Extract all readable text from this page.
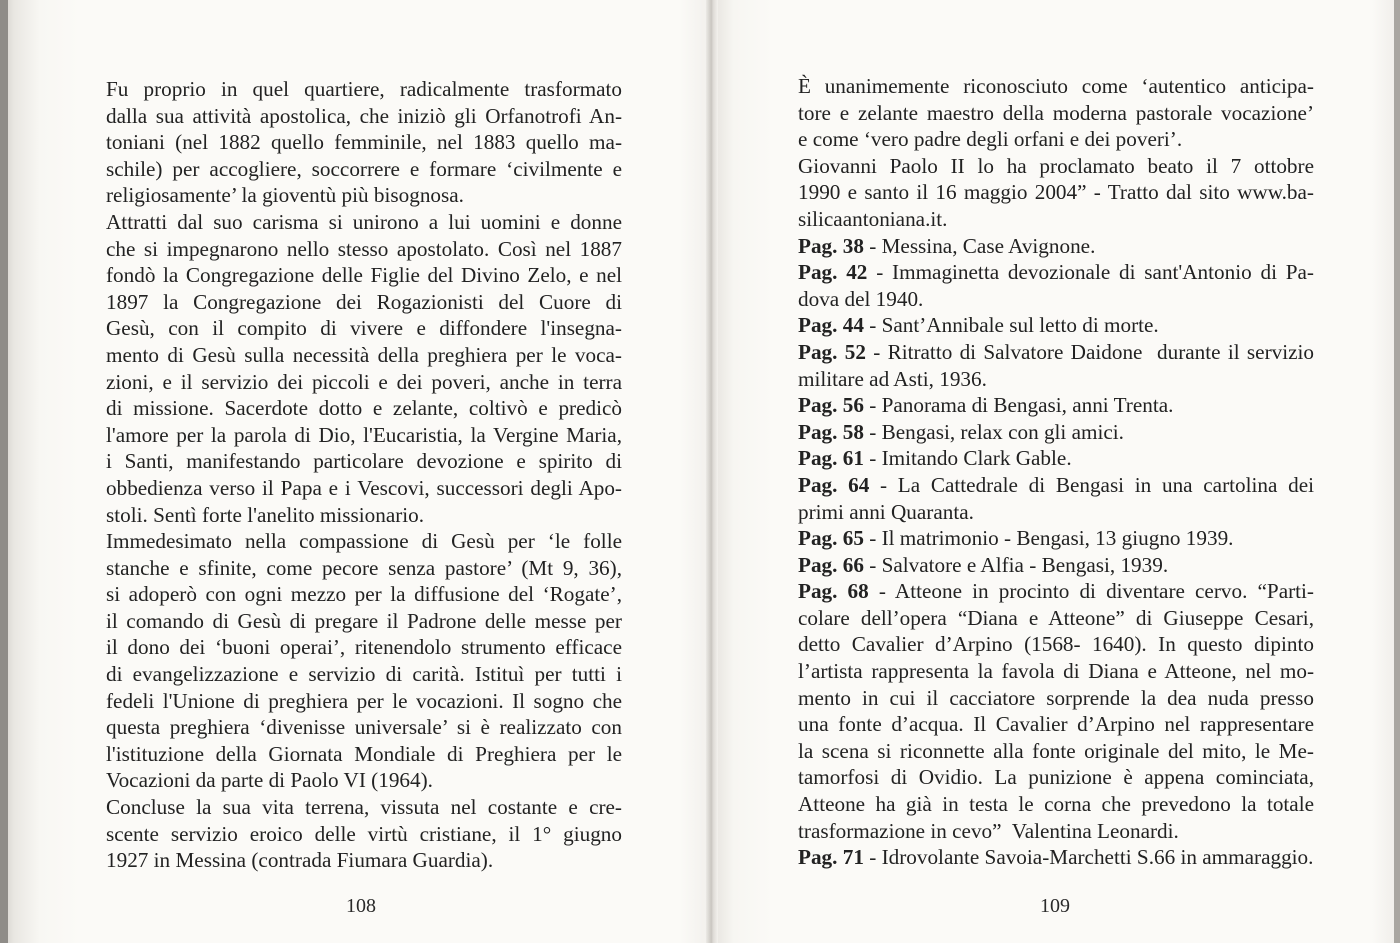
Fu proprio in quel quartiere, radicalmente trasformato
dalla sua attività apostolica, che iniziò gli Orfanotrofi An-
toniani (nel 1882 quello femminile, nel 1883 quello ma-
schile) per accogliere, soccorrere e formare ‘civilmente e
religiosamente’ la gioventù più bisognosa.
Attratti dal suo carisma si unirono a lui uomini e donne
che si impegnarono nello stesso apostolato. Così nel 1887
fondò la Congregazione delle Figlie del Divino Zelo, e nel
1897 la Congregazione dei Rogazionisti del Cuore di
Gesù, con il compito di vivere e diffondere l'insegna-
mento di Gesù sulla necessità della preghiera per le voca-
zioni, e il servizio dei piccoli e dei poveri, anche in terra
di missione. Sacerdote dotto e zelante, coltivò e predicò
l'amore per la parola di Dio, l'Eucaristia, la Vergine Maria,
i Santi, manifestando particolare devozione e spirito di
obbedienza verso il Papa e i Vescovi, successori degli Apo-
stoli. Sentì forte l'anelito missionario.
Immedesimato nella compassione di Gesù per ‘le folle
stanche e sfinite, come pecore senza pastore’ (Mt 9, 36),
si adoperò con ogni mezzo per la diffusione del ‘Rogate’,
il comando di Gesù di pregare il Padrone delle messe per
il dono dei ‘buoni operai’, ritenendolo strumento efficace
di evangelizzazione e servizio di carità. Istituì per tutti i
fedeli l'Unione di preghiera per le vocazioni. Il sogno che
questa preghiera ‘divenisse universale’ si è realizzato con
l'istituzione della Giornata Mondiale di Preghiera per le
Vocazioni da parte di Paolo VI (1964).
Concluse la sua vita terrena, vissuta nel costante e cre-
scente servizio eroico delle virtù cristiane, il 1° giugno
1927 in Messina (contrada Fiumara Guardia).
È unanimemente riconosciuto come ‘autentico anticipa-
tore e zelante maestro della moderna pastorale vocazione’
e come ‘vero padre degli orfani e dei poveri’.
Giovanni Paolo II lo ha proclamato beato il 7 ottobre
1990 e santo il 16 maggio 2004” - Tratto dal sito www.ba-
silicaantoniana.it.
Pag. 38 - Messina, Case Avignone.
Pag. 42 - Immaginetta devozionale di sant'Antonio di Pa-
dova del 1940.
Pag. 44 - Sant’Annibale sul letto di morte.
Pag. 52 - Ritratto di Salvatore Daidone  durante il servizio
militare ad Asti, 1936.
Pag. 56 - Panorama di Bengasi, anni Trenta.
Pag. 58 - Bengasi, relax con gli amici.
Pag. 61 - Imitando Clark Gable.
Pag. 64 - La Cattedrale di Bengasi in una cartolina dei
primi anni Quaranta.
Pag. 65 - Il matrimonio - Bengasi, 13 giugno 1939.
Pag. 66 - Salvatore e Alfia - Bengasi, 1939.
Pag. 68 - Atteone in procinto di diventare cervo. “Parti-
colare dell’opera “Diana e Atteone” di Giuseppe Cesari,
detto Cavalier d’Arpino (1568- 1640). In questo dipinto
l’artista rappresenta la favola di Diana e Atteone, nel mo-
mento in cui il cacciatore sorprende la dea nuda presso
una fonte d’acqua. Il Cavalier d’Arpino nel rappresentare
la scena si riconnette alla fonte originale del mito, le Me-
tamorfosi di Ovidio. La punizione è appena cominciata,
Atteone ha già in testa le corna che prevedono la totale
trasformazione in cevo”  Valentina Leonardi.
Pag. 71 - Idrovolante Savoia-Marchetti S.66 in ammaraggio.
108	109
